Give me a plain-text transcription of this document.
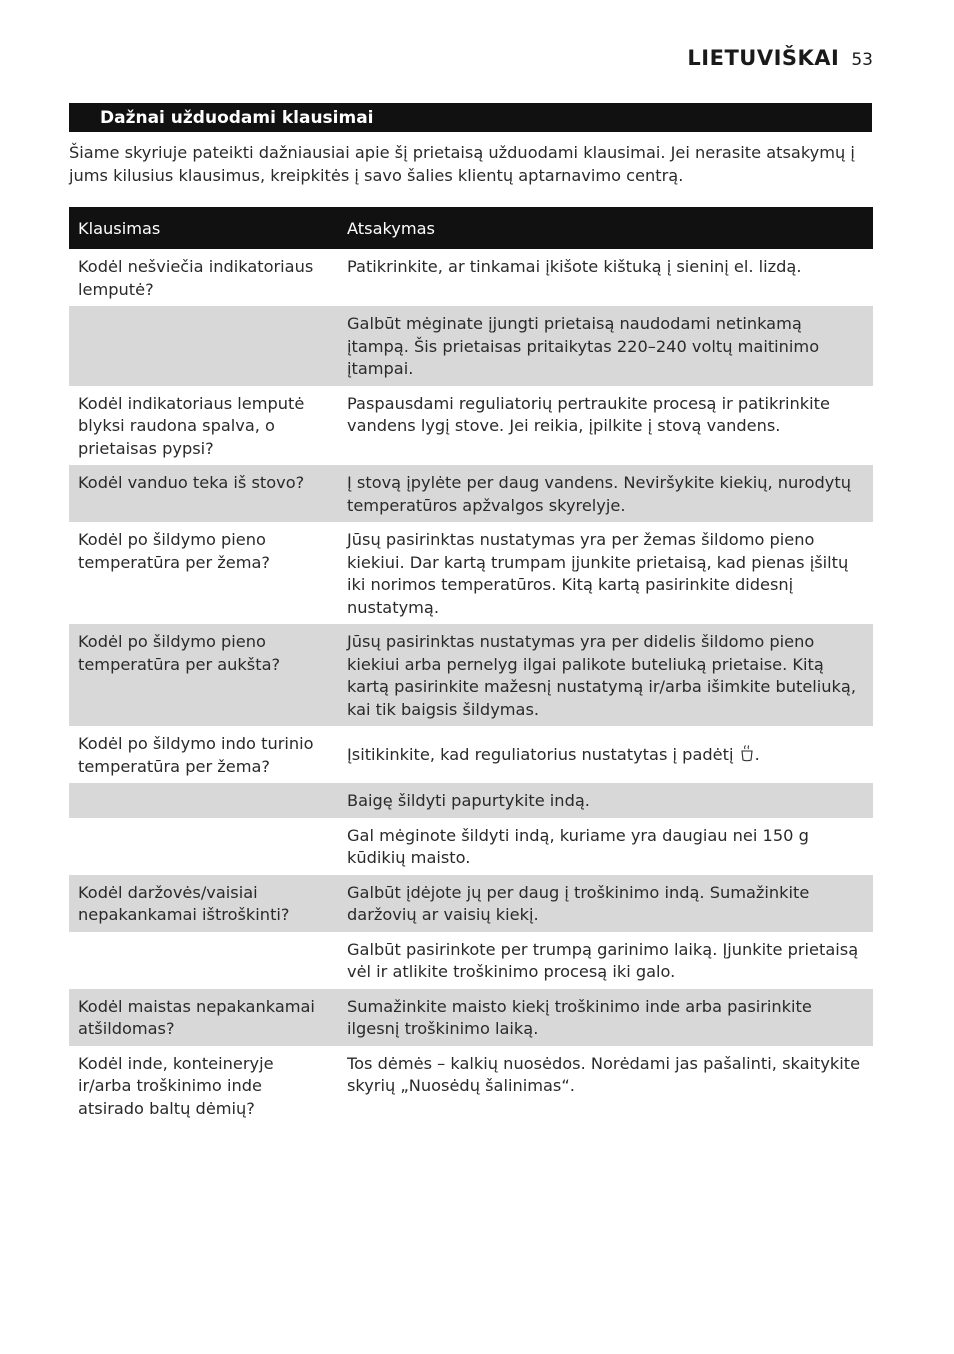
LIETUVIŠKAI 53
Dažnai užduodami klausimai
Šiame skyriuje pateikti dažniausiai apie šį prietaisą užduodami klausimai. Jei nerasite atsakymų į jums kilusius klausimus, kreipkitės į savo šalies klientų aptarnavimo centrą.
Klausimas	Atsakymas
Kodėl nešviečia indikatoriaus lemputė?	Patikrinkite, ar tinkamai įkišote kištuką į sieninį el. lizdą.
	Galbūt mėginate įjungti prietaisą naudodami netinkamą įtampą. Šis prietaisas pritaikytas 220–240 voltų maitinimo įtampai.
Kodėl indikatoriaus lemputė blyksi raudona spalva, o prietaisas pypsi?	Paspausdami reguliatorių pertraukite procesą ir patikrinkite vandens lygį stove. Jei reikia, įpilkite į stovą vandens.
Kodėl vanduo teka iš stovo?	Į stovą įpylėte per daug vandens. Neviršykite kiekių, nurodytų temperatūros apžvalgos skyrelyje.
Kodėl po šildymo pieno temperatūra per žema?	Jūsų pasirinktas nustatymas yra per žemas šildomo pieno kiekiui. Dar kartą trumpam įjunkite prietaisą, kad pienas įšiltų iki norimos temperatūros. Kitą kartą pasirinkite didesnį nustatymą.
Kodėl po šildymo pieno temperatūra per aukšta?	Jūsų pasirinktas nustatymas yra per didelis šildomo pieno kiekiui arba pernelyg ilgai palikote buteliuką prietaise. Kitą kartą pasirinkite mažesnį nustatymą ir/arba išimkite buteliuką, kai tik baigsis šildymas.
Kodėl po šildymo indo turinio temperatūra per žema?	Įsitikinkite, kad reguliatorius nustatytas į padėtį .
	Baigę šildyti papurtykite indą.
	Gal mėginote šildyti indą, kuriame yra daugiau nei 150 g kūdikių maisto.
Kodėl daržovės/vaisiai nepakankamai ištroškinti?	Galbūt įdėjote jų per daug į troškinimo indą. Sumažinkite daržovių ar vaisių kiekį.
	Galbūt pasirinkote per trumpą garinimo laiką. Įjunkite prietaisą vėl ir atlikite troškinimo procesą iki galo.
Kodėl maistas nepakankamai atšildomas?	Sumažinkite maisto kiekį troškinimo inde arba pasirinkite ilgesnį troškinimo laiką.
Kodėl inde, konteineryje ir/arba troškinimo inde atsirado baltų dėmių?	Tos dėmės – kalkių nuosėdos. Norėdami jas pašalinti, skaitykite skyrių „Nuosėdų šalinimas“.
